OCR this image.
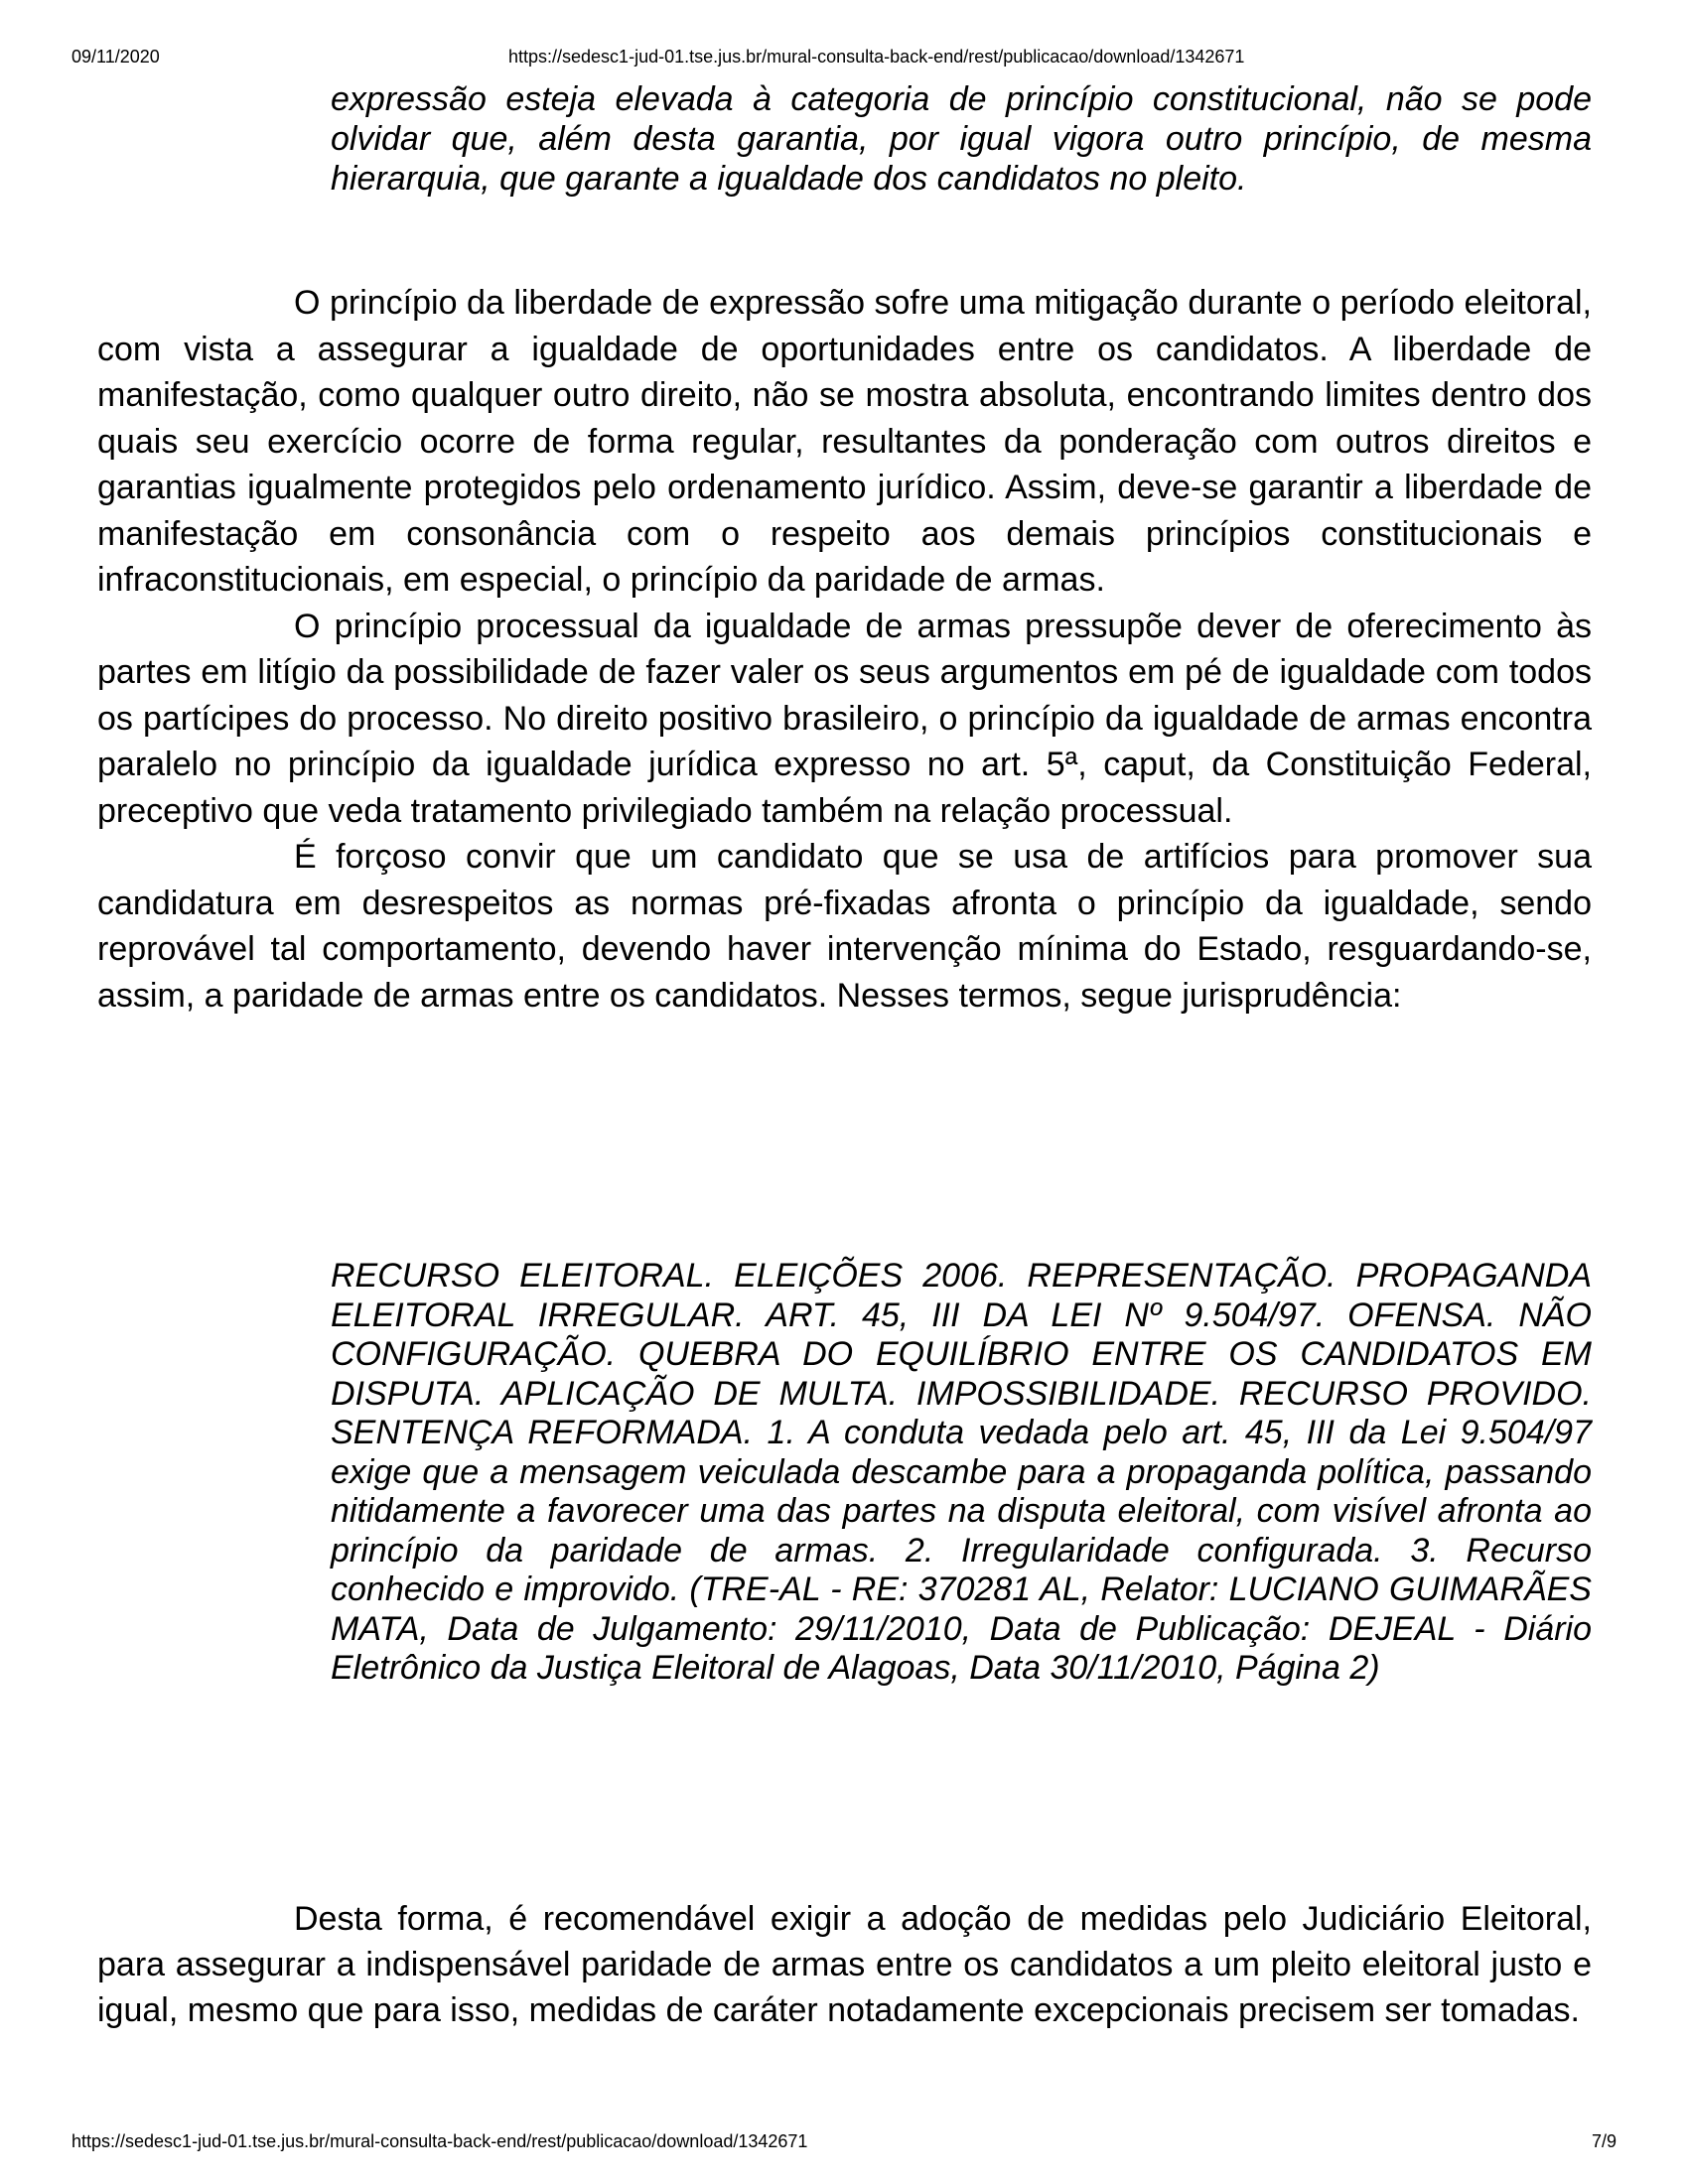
09/11/2020	https://sedesc1-jud-01.tse.jus.br/mural-consulta-back-end/rest/publicacao/download/1342671

expressão esteja elevada à categoria de princípio constitucional, não se pode olvidar que, além desta garantia, por igual vigora outro princípio, de mesma hierarquia, que garante a igualdade dos candidatos no pleito.

O princípio da liberdade de expressão sofre uma mitigação durante o período eleitoral, com vista a assegurar a igualdade de oportunidades entre os candidatos. A liberdade de manifestação, como qualquer outro direito, não se mostra absoluta, encontrando limites dentro dos quais seu exercício ocorre de forma regular, resultantes da ponderação com outros direitos e garantias igualmente protegidos pelo ordenamento jurídico. Assim, deve-se garantir a liberdade de manifestação em consonância com o respeito aos demais princípios constitucionais e infraconstitucionais, em especial, o princípio da paridade de armas.

O princípio processual da igualdade de armas pressupõe dever de oferecimento às partes em litígio da possibilidade de fazer valer os seus argumentos em pé de igualdade com todos os partícipes do processo. No direito positivo brasileiro, o princípio da igualdade de armas encontra paralelo no princípio da igualdade jurídica expresso no art. 5ª, caput, da Constituição Federal, preceptivo que veda tratamento privilegiado também na relação processual.

É forçoso convir que um candidato que se usa de artifícios para promover sua candidatura em desrespeitos as normas pré-fixadas afronta o princípio da igualdade, sendo reprovável tal comportamento, devendo haver intervenção mínima do Estado, resguardando-se, assim, a paridade de armas entre os candidatos. Nesses termos, segue jurisprudência:

RECURSO ELEITORAL. ELEIÇÕES 2006. REPRESENTAÇÃO. PROPAGANDA ELEITORAL IRREGULAR. ART. 45, III DA LEI Nº 9.504/97. OFENSA. NÃO CONFIGURAÇÃO. QUEBRA DO EQUILÍBRIO ENTRE OS CANDIDATOS EM DISPUTA. APLICAÇÃO DE MULTA. IMPOSSIBILIDADE. RECURSO PROVIDO. SENTENÇA REFORMADA. 1. A conduta vedada pelo art. 45, III da Lei 9.504/97 exige que a mensagem veiculada descambe para a propaganda política, passando nitidamente a favorecer uma das partes na disputa eleitoral, com visível afronta ao princípio da paridade de armas. 2. Irregularidade configurada. 3. Recurso conhecido e improvido. (TRE-AL - RE: 370281 AL, Relator: LUCIANO GUIMARÃES MATA, Data de Julgamento: 29/11/2010, Data de Publicação: DEJEAL - Diário Eletrônico da Justiça Eleitoral de Alagoas, Data 30/11/2010, Página 2)

Desta forma, é recomendável exigir a adoção de medidas pelo Judiciário Eleitoral, para assegurar a indispensável paridade de armas entre os candidatos a um pleito eleitoral justo e igual, mesmo que para isso, medidas de caráter notadamente excepcionais precisem ser tomadas.

https://sedesc1-jud-01.tse.jus.br/mural-consulta-back-end/rest/publicacao/download/1342671	7/9
